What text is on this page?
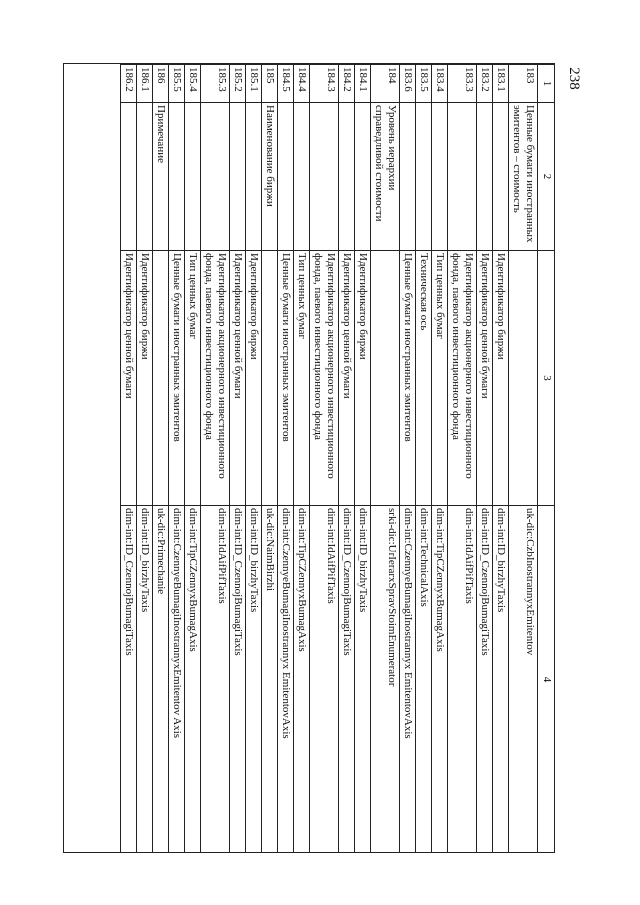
238
1	2	3	4
183	Ценные бумаги иностранных эмитентов – стоимость		uk-dic:CzbInostrannyxEmitentov
183.1		Идентификатор биржи	dim-int:ID_birzhyTaxis
183.2		Идентификатор ценной бумаги	dim-int:ID_CzennojBumagiTaxis
183.3		Идентификатор акционерного инвестиционного фонда, паевого инвестиционного фонда	dim-int:IdAifPifTaxis
183.4		Тип ценных бумаг	dim-int:TipCZennyxBumagAxis
183.5		Техническая ось	dim-int:TechnicalAxis
183.6		Ценные бумаги иностранных эмитентов	dim-int:CzennyeBumagiInostrannyx EmitentovAxis
184	Уровень иерархии справедливой стоимости		srki-dic:UrIerarxSpravStoimEnumerator
184.1		Идентификатор биржи	dim-int:ID_birzhyTaxis
184.2		Идентификатор ценной бумаги	dim-int:ID_CzennojBumagiTaxis
184.3		Идентификатор акционерного инвестиционного фонда, паевого инвестиционного фонда	dim-int:IdAifPifTaxis
184.4		Тип ценных бумаг	dim-int:TipCZennyxBumagAxis
184.5		Ценные бумаги иностранных эмитентов	dim-int:CzennyeBumagiInostrannyx EmitentovAxis
185	Наименование биржи		uk-dic:NaimBirzhi
185.1		Идентификатор биржи	dim-int:ID_birzhyTaxis
185.2		Идентификатор ценной бумаги	dim-int:ID_CzennojBumagiTaxis
185.3		Идентификатор акционерного инвестиционного фонда, паевого инвестиционного фонда	dim-int:IdAifPifTaxis
185.4		Тип ценных бумаг	dim-int:TipCZennyxBumagAxis
185.5		Ценные бумаги иностранных эмитентов	dim-int:CzennyeBumagiInostrannyxEmitentov Axis
186	Примечание		uk-dic:Primechanie
186.1		Идентификатор биржи	dim-int:ID_birzhyTaxis
186.2		Идентификатор ценной бумаги	dim-int:ID_CzennojBumagiTaxis
